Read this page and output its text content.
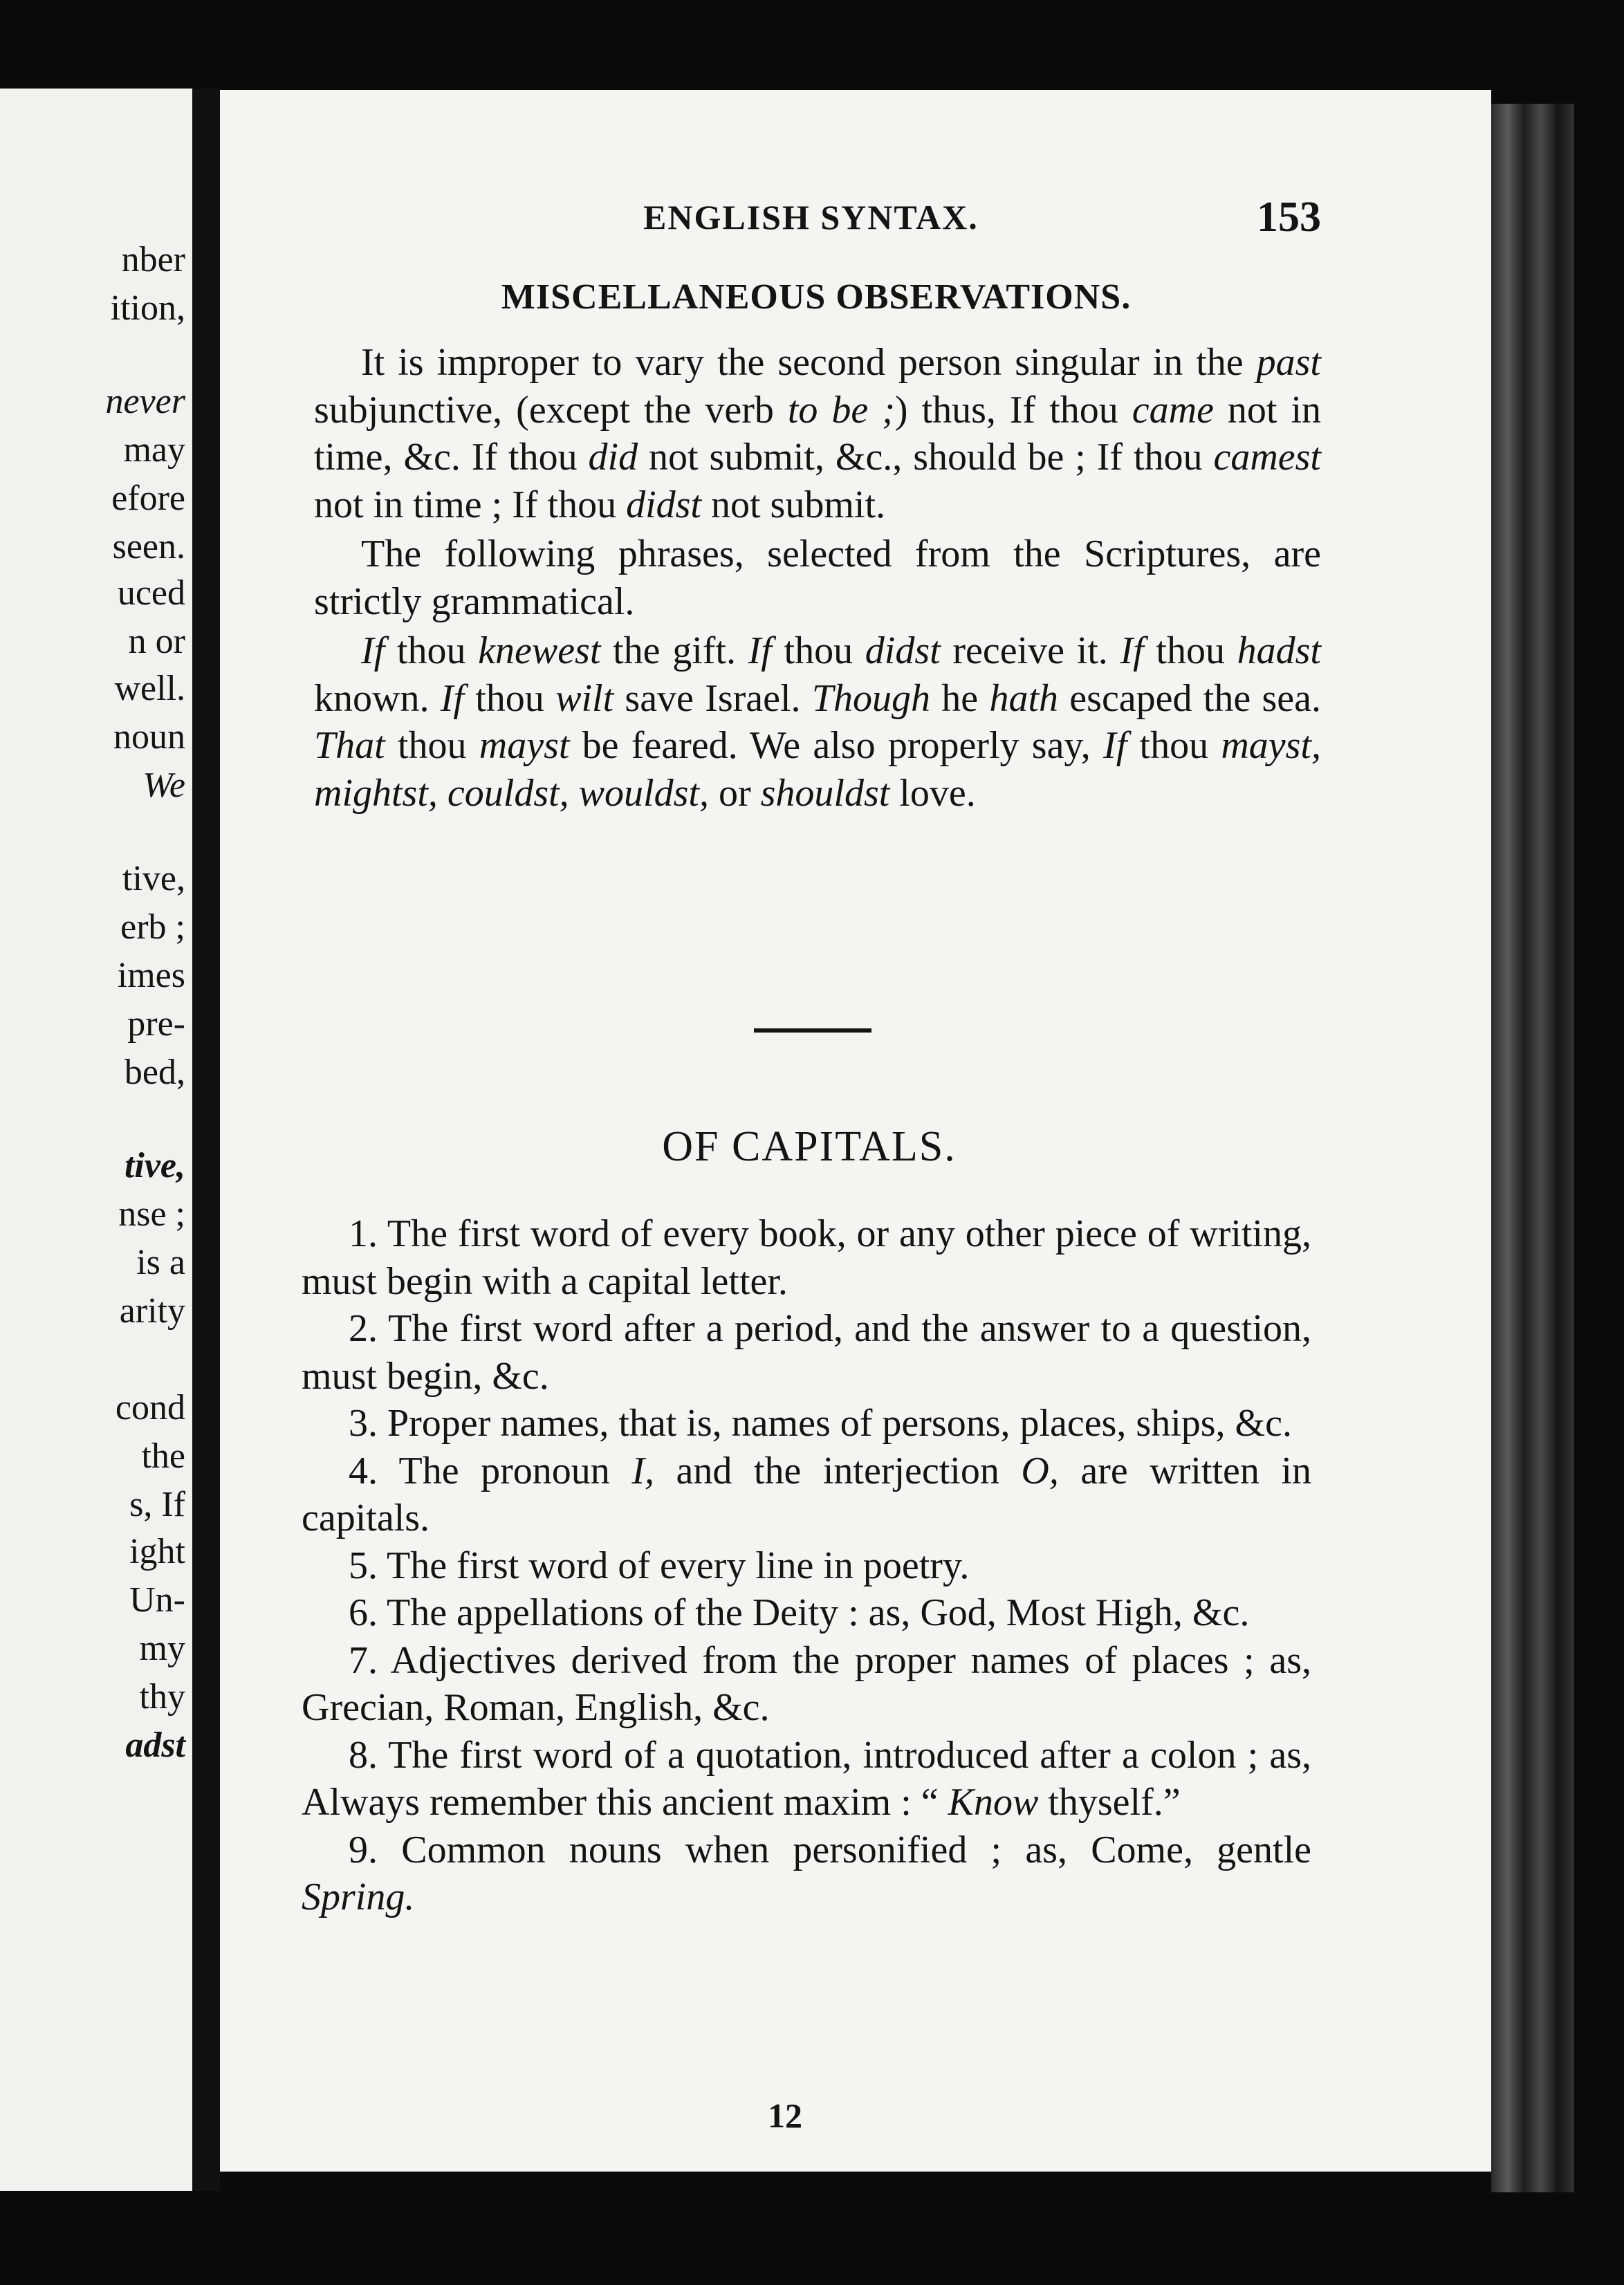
nber
ition,
never
may
efore
seen.
uced
n or
well.
noun
We
tive,
erb ;
imes
pre-
bed,
tive,
nse ;
is a
arity
cond
the
s, If
ight
Un-
my
thy
adst
ENGLISH SYNTAX.	153
MISCELLANEOUS OBSERVATIONS.

It is improper to vary the second person singular in the past subjunctive, (except the verb to be ;) thus, If thou came not in time, &c. If thou did not submit, &c., should be ; If thou camest not in time ; If thou didst not submit.

The following phrases, selected from the Scriptures, are strictly grammatical.

If thou knewest the gift. If thou didst receive it. If thou hadst known. If thou wilt save Israel. Though he hath escaped the sea. That thou mayst be feared. We also properly say, If thou mayst, mightst, couldst, wouldst, or shouldst love.

OF CAPITALS.

1. The first word of every book, or any other piece of writing, must begin with a capital letter.

2. The first word after a period, and the answer to a question, must begin, &c.

3. Proper names, that is, names of persons, places, ships, &c.

4. The pronoun I, and the interjection O, are written in capitals.

5. The first word of every line in poetry.

6. The appellations of the Deity : as, God, Most High, &c.

7. Adjectives derived from the proper names of places ; as, Grecian, Roman, English, &c.

8. The first word of a quotation, introduced after a colon ; as, Always remember this ancient maxim : “ Know thyself.”

9. Common nouns when personified ; as, Come, gentle Spring.

12
